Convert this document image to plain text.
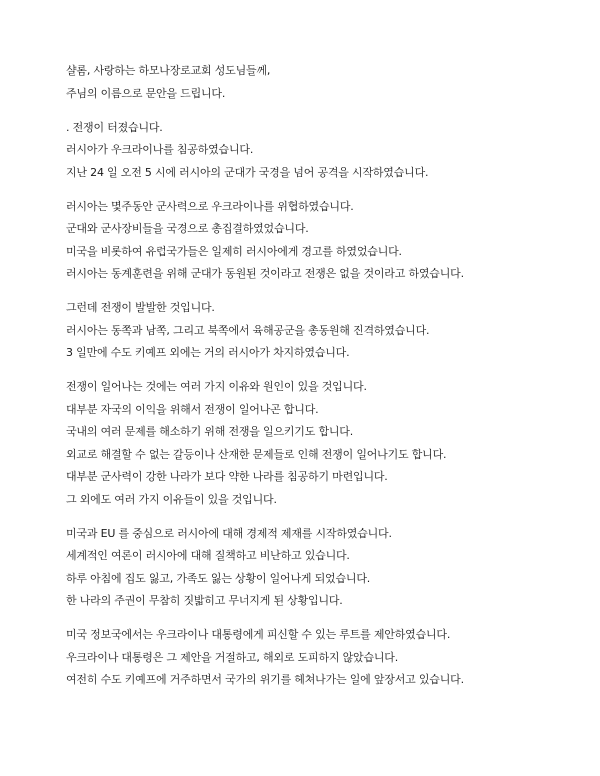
샬롬, 사랑하는 하모나장로교회 성도님들께,
주님의 이름으로 문안을 드립니다.
. 전쟁이 터졌습니다.
러시아가 우크라이나를 침공하였습니다.
지난 24 일 오전 5 시에 러시아의 군대가 국경을 넘어 공격을 시작하였습니다.
러시아는 몇주동안 군사력으로 우크라이나를 위협하였습니다.
군대와 군사장비들을 국경으로 총집결하였었습니다.
미국을 비롯하여 유럽국가들은 일제히 러시아에게 경고를 하였었습니다.
러시아는 동계훈련을 위해 군대가 동원된 것이라고 전쟁은 없을 것이라고 하였습니다.
그런데 전쟁이 발발한 것입니다.
러시아는 동쪽과 남쪽, 그리고 북쪽에서 육해공군을 총동원해 진격하였습니다.
3 일만에 수도 키예프 외에는 거의 러시아가 차지하였습니다.
전쟁이 일어나는 것에는 여러 가지 이유와 원인이 있을 것입니다.
대부분 자국의 이익을 위해서 전쟁이 일어나곤 합니다.
국내의 여러 문제를 해소하기 위해 전쟁을 일으키기도 합니다.
외교로 해결할 수 없는 갈등이나 산재한 문제들로 인해 전쟁이 일어나기도 합니다.
대부분 군사력이 강한 나라가 보다 약한 나라를 침공하기 마련입니다.
그 외에도 여러 가지 이유들이 있을 것입니다.
미국과 EU 를 중심으로 러시아에 대해 경제적 제재를 시작하였습니다.
세계적인 여론이 러시아에 대해 질책하고 비난하고 있습니다.
하루 아침에 집도 잃고, 가족도 잃는 상황이 일어나게 되었습니다.
한 나라의 주권이 무참히 짓밟히고 무너지게 된 상황입니다.
미국 정보국에서는 우크라이나 대통령에게 피신할 수 있는 루트를 제안하였습니다.
우크라이나 대통령은 그 제안을 거절하고, 해외로 도피하지 않았습니다.
여전히 수도 키예프에 거주하면서 국가의 위기를 헤쳐나가는 일에 앞장서고 있습니다.
